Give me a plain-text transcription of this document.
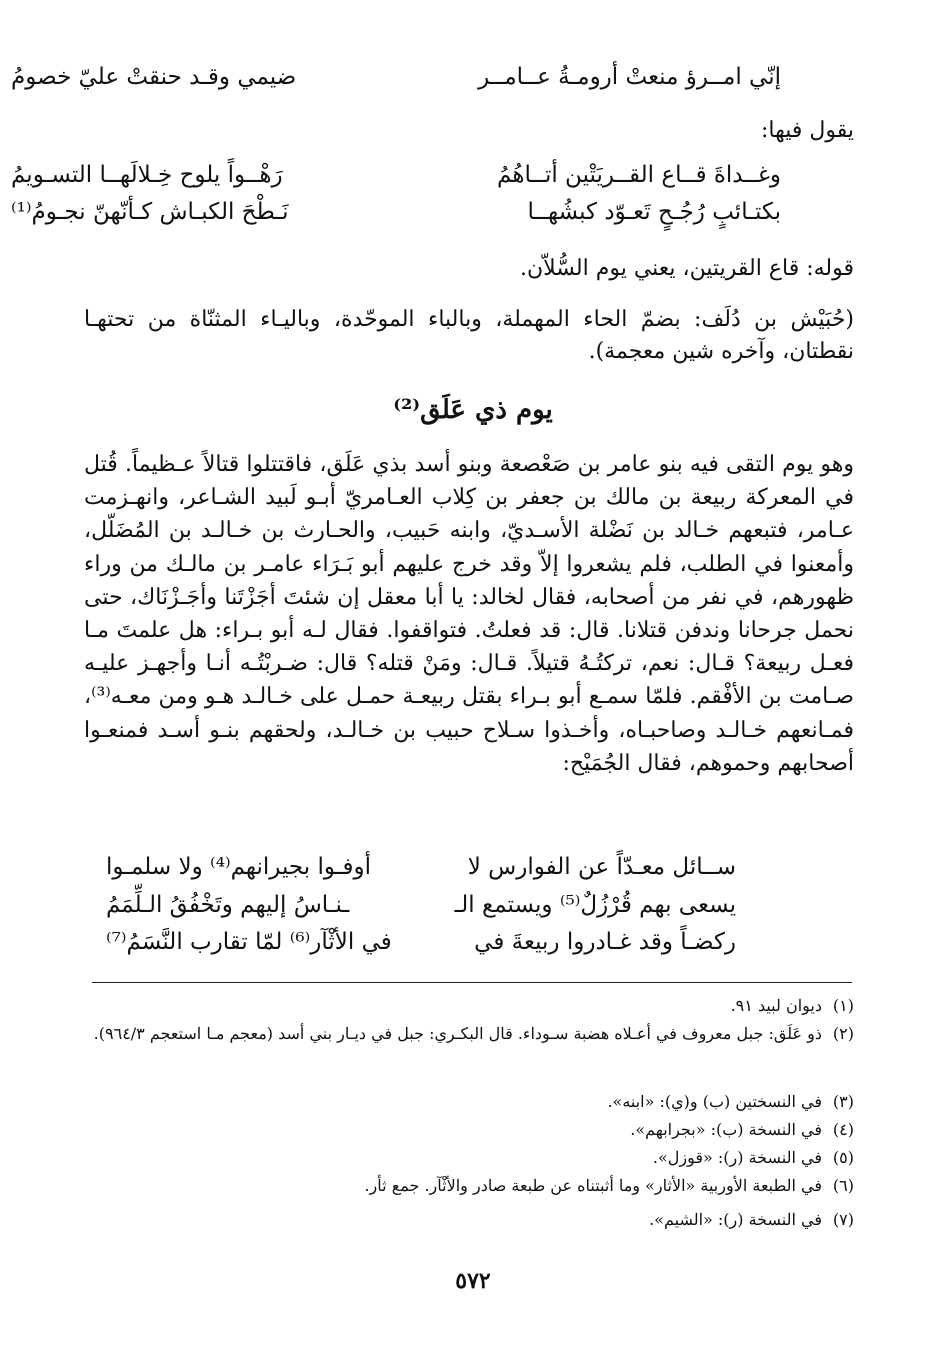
إنّي امــرؤ منعتْ أرومـةُ عــامــر
ضيمي وقـد حنقتْ عليّ خصومُ
يقول فيها:
وغــداةَ قــاع القــريَتْين أتــاهُمُ
رَهْــواً يلوح خِـلالَهــا التسـويمُ
بكتـائبٍ رُجُـحٍ تَعـوّد كبشُهــا
نَـطْحَ الكبـاش كـأنّهنّ نجـومُ⁽¹⁾
قوله: قاع القريتين، يعني يوم السُّلاّن.
(حُبَيْش بن دُلَف: بضمّ الحاء المهملة، وبالباء الموحّدة، وباليـاء المثنّاة من تحتهـا نقطتان، وآخره شين معجمة).
يوم ذي عَلَق⁽²⁾
وهو يوم التقى فيه بنو عامر بن صَعْصعة وبنو أسد بذي عَلَق، فاقتتلوا قتالاً عـظيماً. قُتل في المعركة ربيعة بن مالك بن جعفر بن كِلاب العـامريّ أبـو لَبيد الشـاعر، وانهـزمت عـامر، فتبعهم خـالد بن نَضْلة الأسـديّ، وابنه حَبيب، والحـارث بن خـالـد بن المُضَلّل، وأمعنوا في الطلب، فلم يشعروا إلاّ وقد خرج عليهم أبو بَـرَاء عامـر بن مالـك من وراء ظهورهم، في نفر من أصحابه، فقال لخالد: يا أبا معقل إن شئتَ أجَزْتَنا وأجَـزْنَاك، حتى نحمل جرحانا وندفن قتلانا. قال: قد فعلتُ. فتواقفوا. فقال لـه أبو بـراء: هل علمتَ مـا فعـل ربيعة؟ قـال: نعم، تركتُـهُ قتيلاً. قـال: ومَنْ قتله؟ قال: ضـربْتُـه أنـا وأجهـز عليـه صـامت بن الأفْقم. فلمّا سمـع أبو بـراء بقتل ربيعـة حمـل على خـالـد هـو ومن معـه⁽³⁾، فمـانعهم خـالـد وصاحبـاه، وأخـذوا سـلاح حبيب بن خـالـد، ولحقهم بنـو أسـد فمنعـوا أصحابهم وحموهم، فقال الجُمَيْح:
ســائل معـدّاً عن الفوارس لا
أوفـوا بجيرانهم⁽⁴⁾ ولا سلمـوا
يسعى بهم قُرْزُلٌ⁽⁵⁾ ويستمع الـ
ـنـاسُ إليهم وتَخْفُقُ الـلِّمَمُ
ركضـاً وقد غـادروا ربيعةَ في
في الأثْآر⁽⁶⁾ لمّا تقارب النَّسَمُ⁽⁷⁾
(١)ديوان لبيد ٩١.
(٢)ذو عَلَق: جبل معروف في أعـلاه هضبة سـوداء. قال البكـري: جبل في ديـار بني أسد (معجم مـا استعجم ٩٦٤/٣).
(٣)في النسختين (ب) و(ي): «ابنه».
(٤)في النسخة (ب): «بجرابهم».
(٥)في النسخة (ر): «قوزل».
(٦)في الطبعة الأوربية «الأثار» وما أثبتناه عن طبعة صادر والأثْآر. جمع ثأر.
(٧)في النسخة (ر): «الشيم».
٥٧٢
